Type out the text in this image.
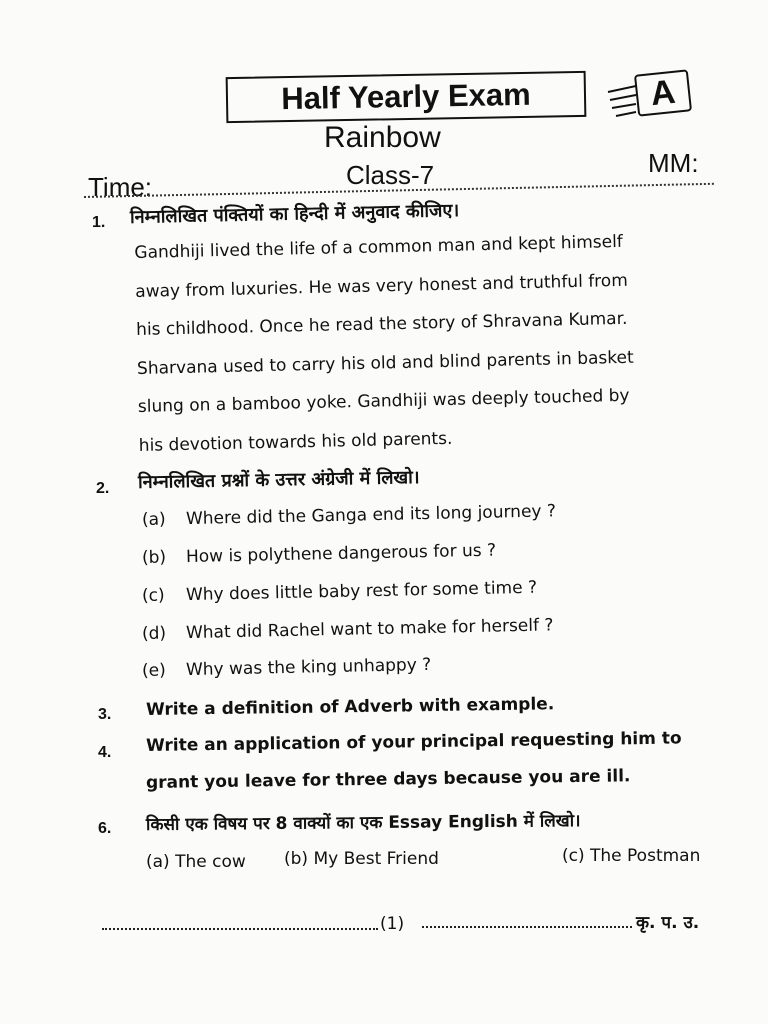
Half Yearly Exam	A
Rainbow
MM:
Class-7
Time:
1. निम्नलिखित पंक्तियों का हिन्दी में अनुवाद कीजिए।
Gandhiji lived the life of a common man and kept himself
away from luxuries. He was very honest and truthful from
his childhood. Once he read the story of Shravana Kumar.
Sharvana used to carry his old and blind parents in basket
slung on a bamboo yoke. Gandhiji was deeply touched by
his devotion towards his old parents.
2. निम्नलिखित प्रश्नों के उत्तर अंग्रेजी में लिखो।
(a) Where did the Ganga end its long journey ?
(b) How is polythene dangerous for us ?
(c) Why does little baby rest for some time ?
(d) What did Rachel want to make for herself ?
(e) Why was the king unhappy ?
3. Write a definition of Adverb with example.
4. Write an application of your principal requesting him to
grant you leave for three days because you are ill.
6. किसी एक विषय पर 8 वाक्यों का एक Essay English में लिखो।
(a) The cow (b) My Best Friend	(c) The Postman
(1)	कृ. प. उ.
